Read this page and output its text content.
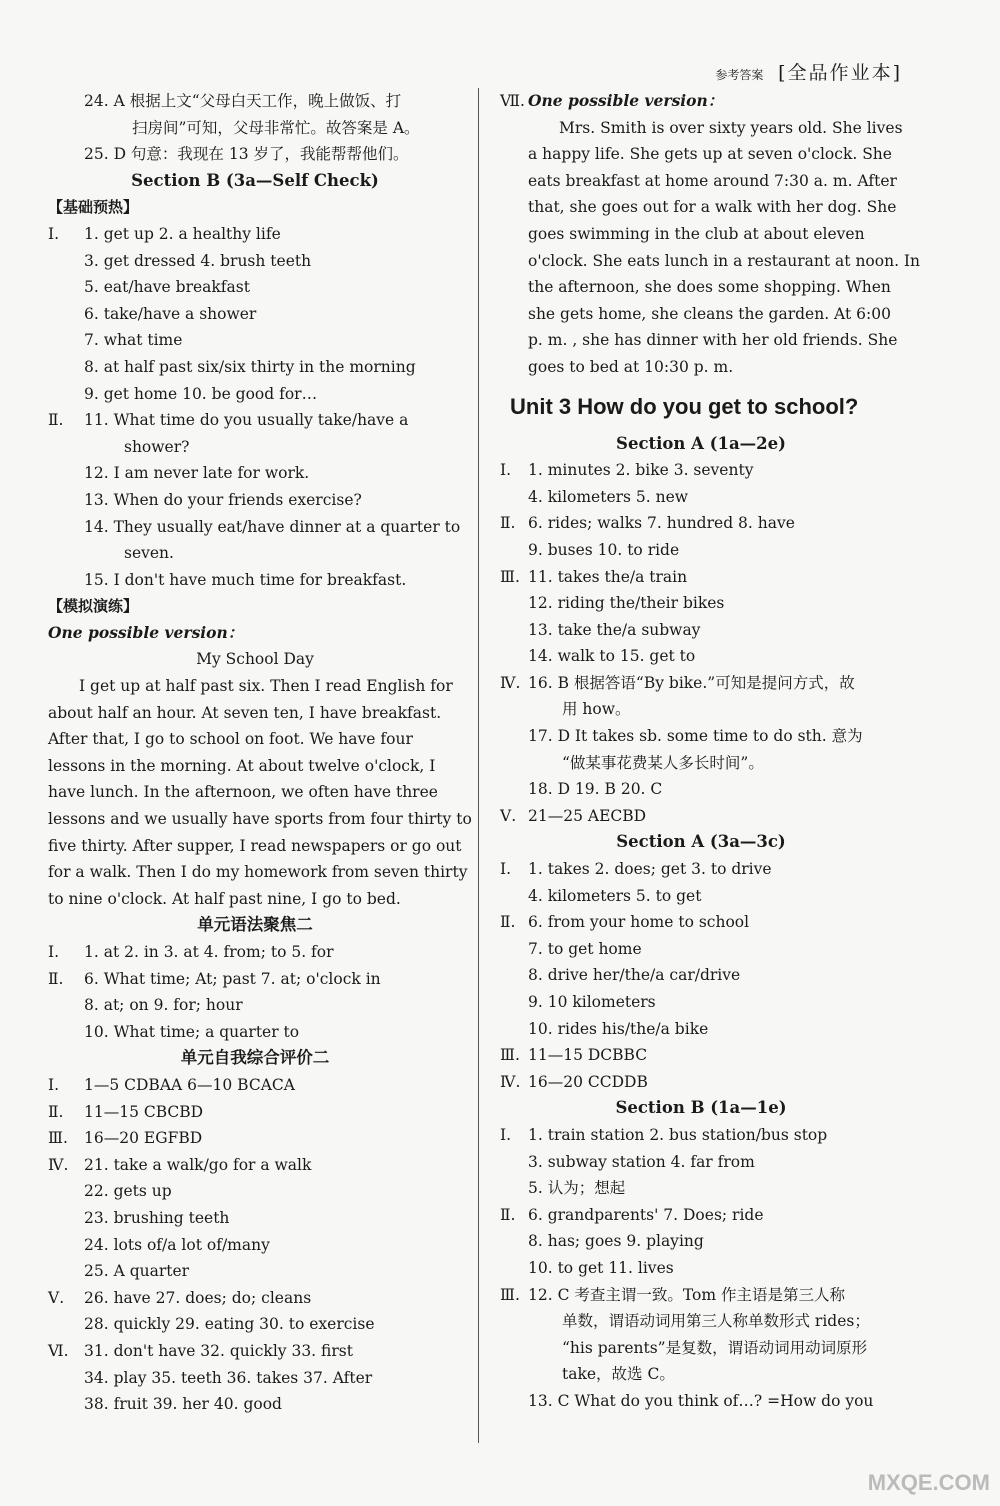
参考答案 [全品作业本]
24. A 根据上文“父母白天工作，晚上做饭、打
扫房间”可知，父母非常忙。故答案是 A。
25. D 句意：我现在 13 岁了，我能帮帮他们。
Section B (3a—Self Check)
【基础预热】
Ⅰ. 1. get up 2. a healthy life
3. get dressed 4. brush teeth
5. eat/have breakfast
6. take/have a shower
7. what time
8. at half past six/six thirty in the morning
9. get home 10. be good for…
Ⅱ. 11. What time do you usually take/have a
shower?
12. I am never late for work.
13. When do your friends exercise?
14. They usually eat/have dinner at a quarter to
seven.
15. I don't have much time for breakfast.
【模拟演练】
One possible version：
My School Day
I get up at half past six. Then I read English for
about half an hour. At seven ten, I have breakfast.
After that, I go to school on foot. We have four
lessons in the morning. At about twelve o'clock, I
have lunch. In the afternoon, we often have three
lessons and we usually have sports from four thirty to
five thirty. After supper, I read newspapers or go out
for a walk. Then I do my homework from seven thirty
to nine o'clock. At half past nine, I go to bed.
单元语法聚焦二
Ⅰ. 1. at 2. in 3. at 4. from; to 5. for
Ⅱ. 6. What time; At; past 7. at; o'clock in
8. at; on 9. for; hour
10. What time; a quarter to
单元自我综合评价二
Ⅰ. 1—5 CDBAA 6—10 BCACA
Ⅱ. 11—15 CBCBD
Ⅲ. 16—20 EGFBD
Ⅳ. 21. take a walk/go for a walk
22. gets up
23. brushing teeth
24. lots of/a lot of/many
25. A quarter
Ⅴ. 26. have 27. does; do; cleans
28. quickly 29. eating 30. to exercise
Ⅵ. 31. don't have 32. quickly 33. first
34. play 35. teeth 36. takes 37. After
38. fruit 39. her 40. good
Ⅶ. One possible version：
Mrs. Smith is over sixty years old. She lives
a happy life. She gets up at seven o'clock. She
eats breakfast at home around 7:30 a. m. After
that, she goes out for a walk with her dog. She
goes swimming in the club at about eleven
o'clock. She eats lunch in a restaurant at noon. In
the afternoon, she does some shopping. When
she gets home, she cleans the garden. At 6:00
p. m. , she has dinner with her old friends. She
goes to bed at 10:30 p. m.
Unit 3 How do you get to school?
Section A (1a—2e)
Ⅰ. 1. minutes 2. bike 3. seventy
4. kilometers 5. new
Ⅱ. 6. rides; walks 7. hundred 8. have
9. buses 10. to ride
Ⅲ. 11. takes the/a train
12. riding the/their bikes
13. take the/a subway
14. walk to 15. get to
Ⅳ. 16. B 根据答语“By bike.”可知是提问方式，故
用 how。
17. D It takes sb. some time to do sth. 意为
“做某事花费某人多长时间”。
18. D 19. B 20. C
Ⅴ. 21—25 AECBD
Section A (3a—3c)
Ⅰ. 1. takes 2. does; get 3. to drive
4. kilometers 5. to get
Ⅱ. 6. from your home to school
7. to get home
8. drive her/the/a car/drive
9. 10 kilometers
10. rides his/the/a bike
Ⅲ. 11—15 DCBBC
Ⅳ. 16—20 CCDDB
Section B (1a—1e)
Ⅰ. 1. train station 2. bus station/bus stop
3. subway station 4. far from
5. 认为；想起
Ⅱ. 6. grandparents' 7. Does; ride
8. has; goes 9. playing
10. to get 11. lives
Ⅲ. 12. C 考查主谓一致。Tom 作主语是第三人称
单数，谓语动词用第三人称单数形式 rides；
“his parents”是复数，谓语动词用动词原形
take，故选 C。
13. C What do you think of…? =How do you
MXQE.COM
